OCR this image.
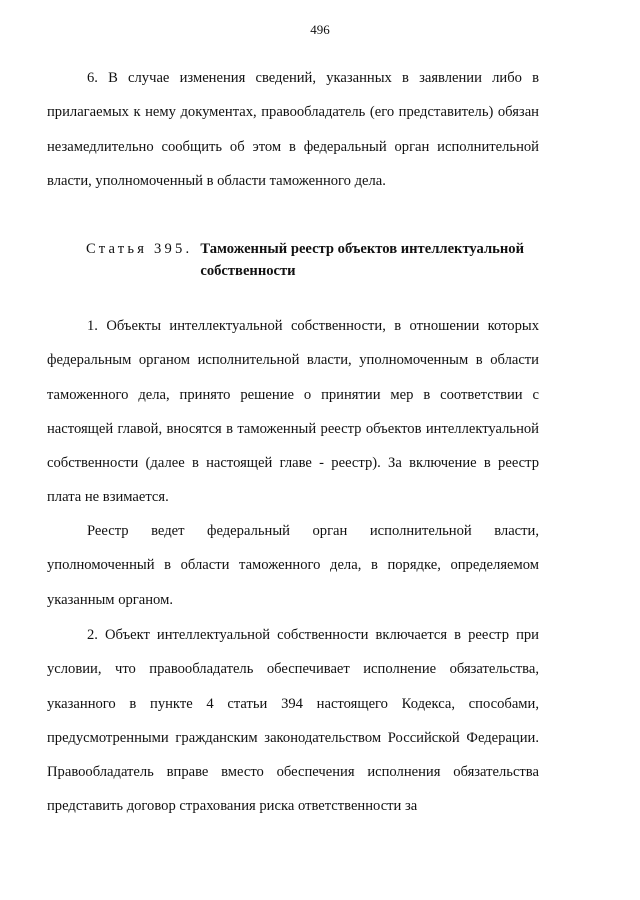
496

6. В случае изменения сведений, указанных в заявлении либо в прилагаемых к нему документах, правообладатель (его представитель) обязан незамедлительно сообщить об этом в федеральный орган исполнительной власти, уполномоченный в области таможенного дела.

Статья 395. Таможенный реестр объектов интеллектуальной собственности

1. Объекты интеллектуальной собственности, в отношении которых федеральным органом исполнительной власти, уполномоченным в области таможенного дела, принято решение о принятии мер в соответствии с настоящей главой, вносятся в таможенный реестр объектов интеллектуальной собственности (далее в настоящей главе - реестр). За включение в реестр плата не взимается.

Реестр ведет федеральный орган исполнительной власти, уполномоченный в области таможенного дела, в порядке, определяемом указанным органом.

2. Объект интеллектуальной собственности включается в реестр при условии, что правообладатель обеспечивает исполнение обязательства, указанного в пункте 4 статьи 394 настоящего Кодекса, способами, предусмотренными гражданским законодательством Российской Федерации. Правообладатель вправе вместо обеспечения исполнения обязательства представить договор страхования риска ответственности за
